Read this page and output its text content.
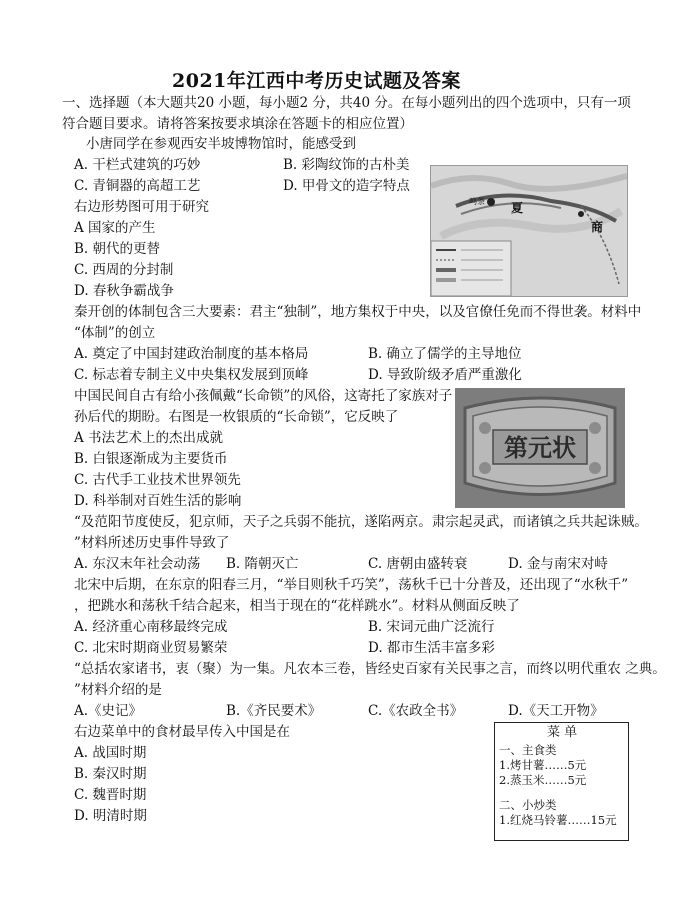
2021年江西中考历史试题及答案
一、选择题（本大题共20 小题，每小题2 分，共40 分。在每小题列出的四个选项中，只有一项
符合题目要求。请将答案按要求填涂在答题卡的相应位置）
小唐同学在参观西安半坡博物馆时，能感受到
A. 干栏式建筑的巧妙	B. 彩陶纹饰的古朴美
C. 青铜器的高超工艺	D. 甲骨文的造字特点
右边形势图可用于研究
A 国家的产生
B. 朝代的更替
C. 西周的分封制
D. 春秋争霸战争
鸣条 夏
商
秦开创的体制包含三大要素：君主“独制”，地方集权于中央，以及官僚任免而不得世袭。材料中
“体制”的创立
A. 奠定了中国封建政治制度的基本格局	B. 确立了儒学的主导地位
C. 标志着专制主义中央集权发展到顶峰	D. 导致阶级矛盾严重激化
中国民间自古有给小孩佩戴“长命锁”的风俗，这寄托了家族对子
孙后代的期盼。右图是一枚银质的“长命锁”，它反映了
A 书法艺术上的杰出成就
B. 白银逐渐成为主要货币
C. 古代手工业技术世界领先
D. 科举制对百姓生活的影响
第元状
“及范阳节度使反，犯京师，天子之兵弱不能抗，遂陷两京。肃宗起灵武，而诸镇之兵共起诛贼。
”材料所述历史事件导致了
A. 东汉末年社会动荡 B. 隋朝灭亡	C. 唐朝由盛转衰	D. 金与南宋对峙
北宋中后期，在东京的阳春三月，“举目则秋千巧笑”，荡秋千已十分普及，还出现了“水秋千”
，把跳水和荡秋千结合起来，相当于现在的“花样跳水”。材料从侧面反映了
A. 经济重心南移最终完成	B. 宋词元曲广泛流行
C. 北宋时期商业贸易繁荣	D. 都市生活丰富多彩
“总括农家诸书，衷（聚）为一集。凡农本三卷，皆经史百家有关民事之言，而终以明代重农 之典。
”材料介绍的是
A.《史记》	B.《齐民要术》	C.《农政全书》	D.《天工开物》
右边菜单中的食材最早传入中国是在
A. 战国时期
B. 秦汉时期
C. 魏晋时期
D. 明清时期
菜 单
一、主食类
1.烤甘薯……5元
2.蒸玉米……5元
二、小炒类
1.红烧马铃薯……15元
